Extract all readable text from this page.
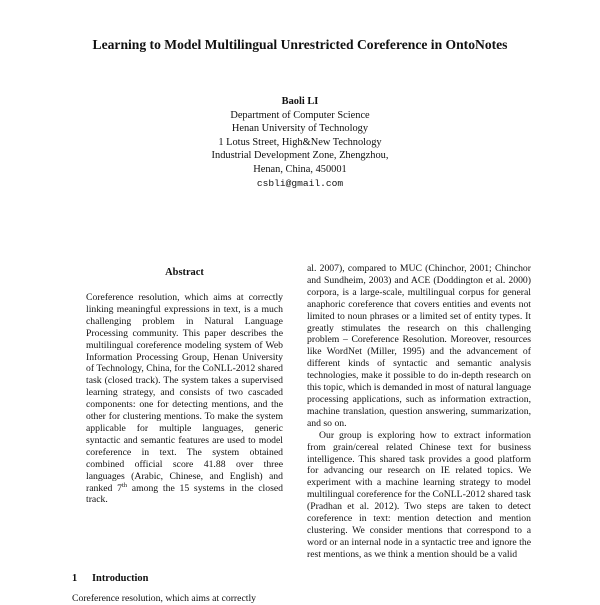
Learning to Model Multilingual Unrestricted Coreference in OntoNotes
Baoli LI
Department of Computer Science
Henan University of Technology
1 Lotus Street, High&New Technology
Industrial Development Zone, Zhengzhou,
Henan, China, 450001
csbli@gmail.com
Abstract

Coreference resolution, which aims at correctly linking meaningful expressions in text, is a much challenging problem in Natural Language Processing community. This paper describes the multilingual coreference modeling system of Web Information Processing Group, Henan University of Technology, China, for the CoNLL-2012 shared task (closed track). The system takes a supervised learning strategy, and consists of two cascaded components: one for detecting mentions, and the other for clustering mentions. To make the system applicable for multiple languages, generic syntactic and semantic features are used to model coreference in text. The system obtained combined official score 41.88 over three languages (Arabic, Chinese, and English) and ranked 7th among the 15 systems in the closed track.

1 Introduction
Coreference resolution, which aims at correctly

al. 2007), compared to MUC (Chinchor, 2001; Chinchor and Sundheim, 2003) and ACE (Doddington et al. 2000) corpora, is a large-scale, multilingual corpus for general anaphoric coreference that covers entities and events not limited to noun phrases or a limited set of entity types. It greatly stimulates the research on this challenging problem – Coreference Resolution. Moreover, resources like WordNet (Miller, 1995) and the advancement of different kinds of syntactic and semantic analysis technologies, make it possible to do in-depth research on this topic, which is demanded in most of natural language processing applications, such as information extraction, machine translation, question answering, summarization, and so on.

Our group is exploring how to extract information from grain/cereal related Chinese text for business intelligence. This shared task provides a good platform for advancing our research on IE related topics. We experiment with a machine learning strategy to model multilingual coreference for the CoNLL-2012 shared task (Pradhan et al. 2012). Two steps are taken to detect coreference in text: mention detection and mention clustering. We consider mentions that correspond to a word or an internal node in a syntactic tree and ignore the rest mentions, as we think a mention should be a valid
